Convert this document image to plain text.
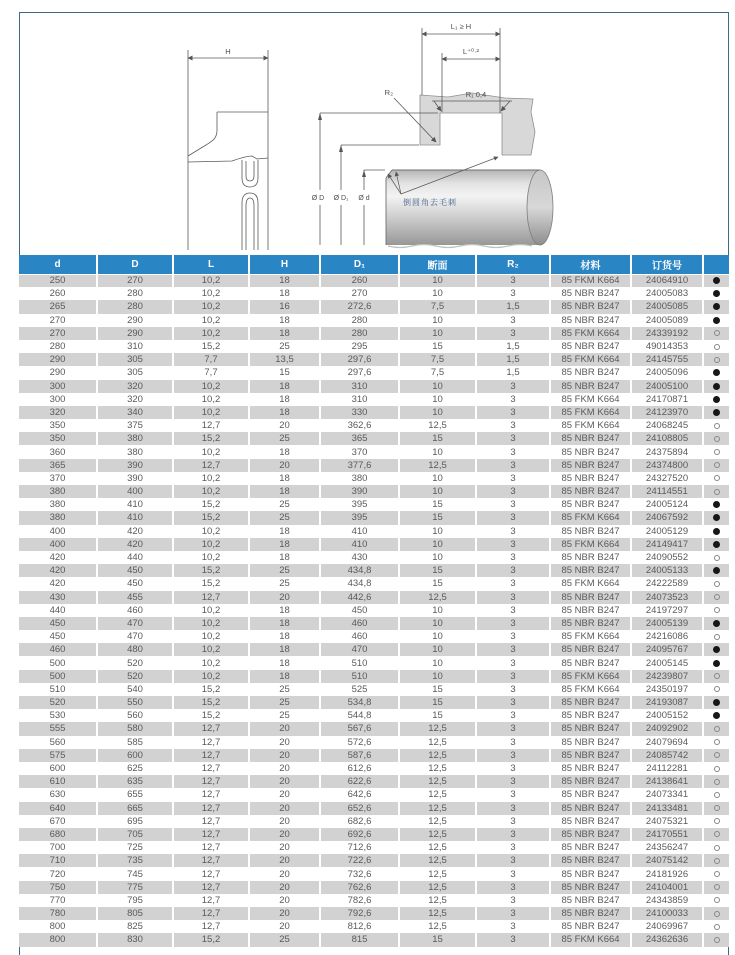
H
L₁ ≥ H
L⁺⁰·²
R₁ 0,4
R₂
Ø D Ø D₁ Ø d	倒圆角去毛刺
d	D	L	H	D₁	断面	R₂	材料	订货号	
250	270	10,2	18	260	10	3	85 FKM K664	24064910	
260	280	10,2	18	270	10	3	85 NBR B247	24005083	
265	280	10,2	16	272,6	7,5	1,5	85 NBR B247	24005085	
270	290	10,2	18	280	10	3	85 NBR B247	24005089	
270	290	10,2	18	280	10	3	85 FKM K664	24339192	
280	310	15,2	25	295	15	1,5	85 NBR B247	49014353	
290	305	7,7	13,5	297,6	7,5	1,5	85 FKM K664	24145755	
290	305	7,7	15	297,6	7,5	1,5	85 NBR B247	24005096	
300	320	10,2	18	310	10	3	85 NBR B247	24005100	
300	320	10,2	18	310	10	3	85 FKM K664	24170871	
320	340	10,2	18	330	10	3	85 FKM K664	24123970	
350	375	12,7	20	362,6	12,5	3	85 FKM K664	24068245	
350	380	15,2	25	365	15	3	85 NBR B247	24108805	
360	380	10,2	18	370	10	3	85 NBR B247	24375894	
365	390	12,7	20	377,6	12,5	3	85 NBR B247	24374800	
370	390	10,2	18	380	10	3	85 NBR B247	24327520	
380	400	10,2	18	390	10	3	85 NBR B247	24114551	
380	410	15,2	25	395	15	3	85 NBR B247	24005124	
380	410	15,2	25	395	15	3	85 FKM K664	24067592	
400	420	10,2	18	410	10	3	85 NBR B247	24005129	
400	420	10,2	18	410	10	3	85 FKM K664	24149417	
420	440	10,2	18	430	10	3	85 NBR B247	24090552	
420	450	15,2	25	434,8	15	3	85 NBR B247	24005133	
420	450	15,2	25	434,8	15	3	85 FKM K664	24222589	
430	455	12,7	20	442,6	12,5	3	85 NBR B247	24073523	
440	460	10,2	18	450	10	3	85 NBR B247	24197297	
450	470	10,2	18	460	10	3	85 NBR B247	24005139	
450	470	10,2	18	460	10	3	85 FKM K664	24216086	
460	480	10,2	18	470	10	3	85 NBR B247	24095767	
500	520	10,2	18	510	10	3	85 NBR B247	24005145	
500	520	10,2	18	510	10	3	85 FKM K664	24239807	
510	540	15,2	25	525	15	3	85 FKM K664	24350197	
520	550	15,2	25	534,8	15	3	85 NBR B247	24193087	
530	560	15,2	25	544,8	15	3	85 NBR B247	24005152	
555	580	12,7	20	567,6	12,5	3	85 NBR B247	24092902	
560	585	12,7	20	572,6	12,5	3	85 NBR B247	24079694	
575	600	12,7	20	587,6	12,5	3	85 NBR B247	24085742	
600	625	12,7	20	612,6	12,5	3	85 NBR B247	24112281	
610	635	12,7	20	622,6	12,5	3	85 NBR B247	24138641	
630	655	12,7	20	642,6	12,5	3	85 NBR B247	24073341	
640	665	12,7	20	652,6	12,5	3	85 NBR B247	24133481	
670	695	12,7	20	682,6	12,5	3	85 NBR B247	24075321	
680	705	12,7	20	692,6	12,5	3	85 NBR B247	24170551	
700	725	12,7	20	712,6	12,5	3	85 NBR B247	24356247	
710	735	12,7	20	722,6	12,5	3	85 NBR B247	24075142	
720	745	12,7	20	732,6	12,5	3	85 NBR B247	24181926	
750	775	12,7	20	762,6	12,5	3	85 NBR B247	24104001	
770	795	12,7	20	782,6	12,5	3	85 NBR B247	24343859	
780	805	12,7	20	792,6	12,5	3	85 NBR B247	24100033	
800	825	12,7	20	812,6	12,5	3	85 NBR B247	24069967	
800	830	15,2	25	815	15	3	85 FKM K664	24362636	
